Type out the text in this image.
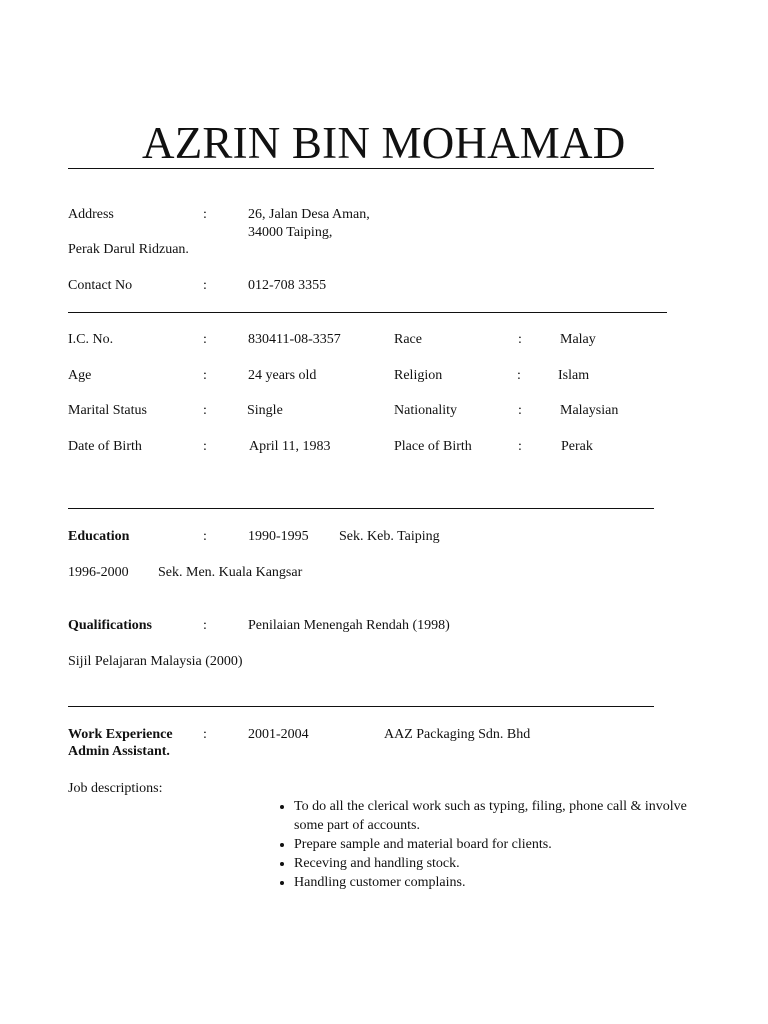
AZRIN BIN MOHAMAD
Address	:	26, Jalan Desa Aman,
34000 Taiping,
Perak Darul Ridzuan.
Contact No	:	012-708 3355
I.C. No.	:	830411-08-3357	Race	:	Malay
Age	:	24 years old	Religion	:	Islam
Marital Status	:	Single	Nationality	:	Malaysian
Date of Birth	:	April 11, 1983	Place of Birth	:	Perak
Education	:	1990-1995 Sek. Keb. Taiping
1996-2000 Sek. Men. Kuala Kangsar
Qualifications	:	Penilaian Menengah Rendah (1998)
Sijil Pelajaran Malaysia (2000)
Work Experience :	2001-2004	AAZ Packaging Sdn. Bhd
Admin Assistant.
Job descriptions:
• To do all the clerical work such as typing, filing, phone call & involve some part of accounts.
• Prepare sample and material board for clients.
• Receving and handling stock.
• Handling customer complains.
